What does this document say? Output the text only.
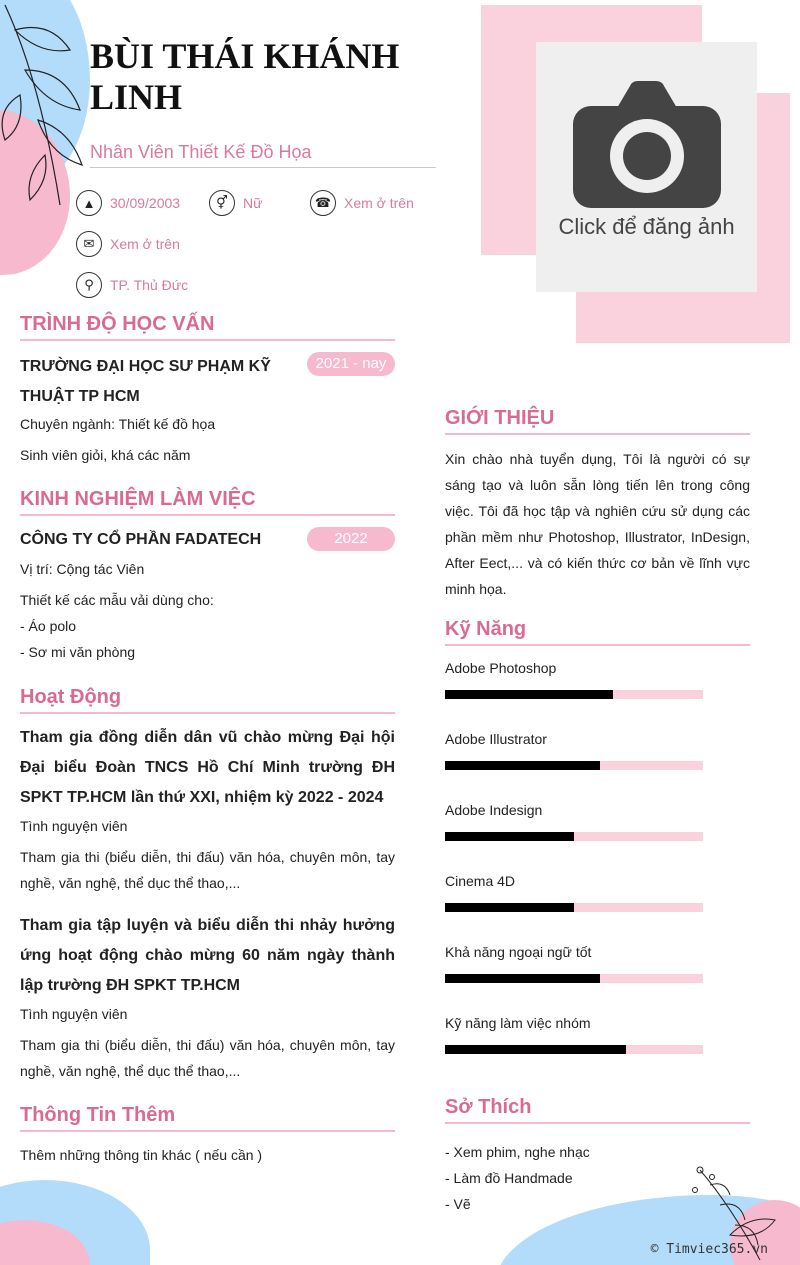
Click để đăng ảnh
BÙI THÁI KHÁNH LINH
Nhân Viên Thiết Kế Đồ Họa
▲	30/09/2003	⚥	Nữ	☎ Xem ở trên
✉	Xem ở trên
⚲	TP. Thủ Đức
TRÌNH ĐỘ HỌC VẤN
TRƯỜNG ĐẠI HỌC SƯ PHẠM KỸ
THUẬT TP HCM
2021 - nay
Chuyên ngành: Thiết kế đồ họa
Sinh viên giỏi, khá các năm
KINH NGHIỆM LÀM VIỆC
CÔNG TY CỔ PHẦN FADATECH	2022
Vị trí: Cộng tác Viên
Thiết kế các mẫu vải dùng cho:
- Áo polo
- Sơ mi văn phòng
Hoạt Động
Tham gia đồng diễn dân vũ chào mừng Đại hội Đại biểu Đoàn TNCS Hồ Chí Minh trường ĐH SPKT TP.HCM lần thứ XXI, nhiệm kỳ 2022 - 2024
Tình nguyện viên
Tham gia thi (biểu diễn, thi đấu) văn hóa, chuyên môn, tay nghề, văn nghệ, thể dục thể thao,...
Tham gia tập luyện và biểu diễn thi nhảy hưởng ứng hoạt động chào mừng 60 năm ngày thành lập trường ĐH SPKT TP.HCM
Tình nguyện viên
Tham gia thi (biểu diễn, thi đấu) văn hóa, chuyên môn, tay nghề, văn nghệ, thể dục thể thao,...
Thông Tin Thêm
Thêm những thông tin khác ( nếu cần )
GIỚI THIỆU
Xin chào nhà tuyển dụng, Tôi là người có sự sáng tạo và luôn sẵn lòng tiến lên trong công việc. Tôi đã học tập và nghiên cứu sử dụng các phần mềm như Photoshop, Illustrator, InDesign, After Eect,... và có kiến thức cơ bản về lĩnh vực minh họa.
Kỹ Năng
Adobe Photoshop
Adobe Illustrator
Adobe Indesign
Cinema 4D
Khả năng ngoại ngữ tốt
Kỹ năng làm việc nhóm
Sở Thích
- Xem phim, nghe nhạc
- Làm đồ Handmade
- Vẽ
© Timviec365.vn
